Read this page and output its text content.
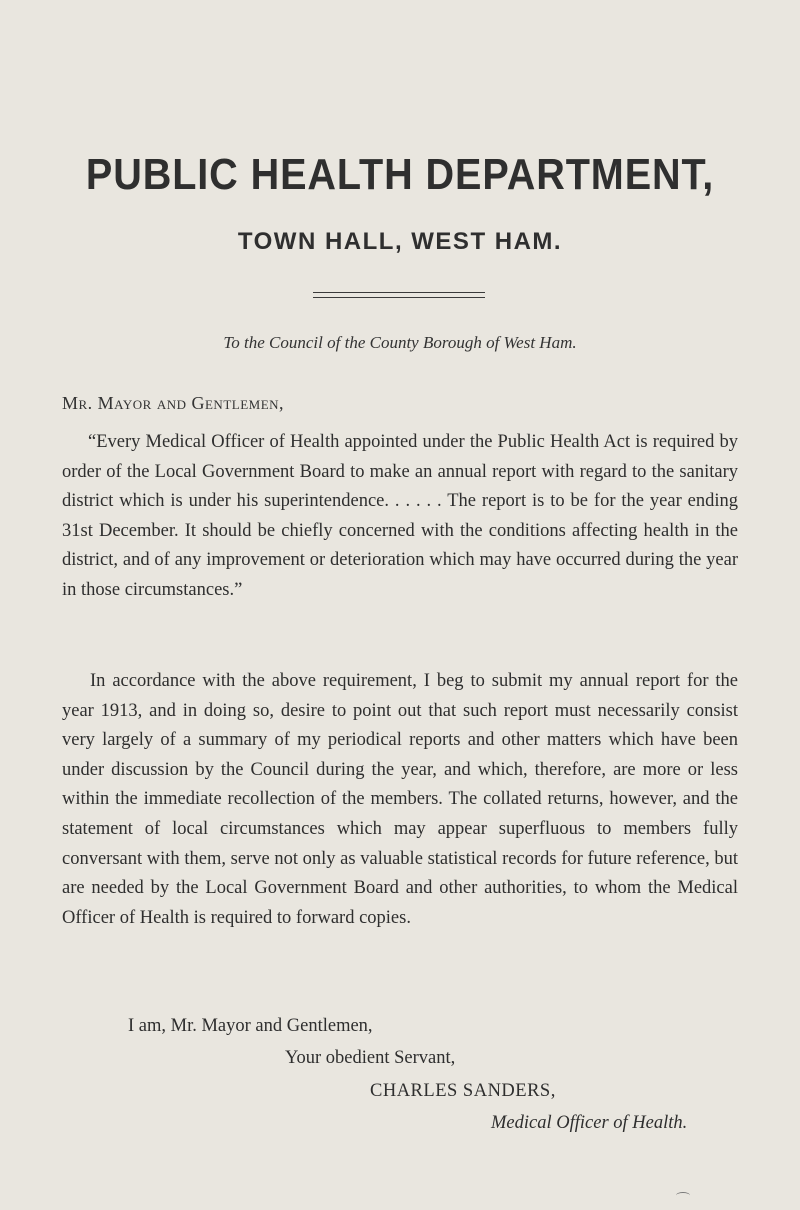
PUBLIC HEALTH DEPARTMENT,
TOWN HALL, WEST HAM.
To the Council of the County Borough of West Ham.
Mr. Mayor and Gentlemen,

“Every Medical Officer of Health appointed under the Public Health Act is required by order of the Local Government Board to make an annual report with regard to the sanitary district which is under his superintendence. . . . . . The report is to be for the year ending 31st December. It should be chiefly concerned with the conditions affecting health in the district, and of any improvement or deterioration which may have occurred during the year in those circumstances.”

In accordance with the above requirement, I beg to submit my annual report for the year 1913, and in doing so, desire to point out that such report must necessarily consist very largely of a summary of my periodical reports and other matters which have been under discussion by the Council during the year, and which, therefore, are more or less within the immediate recollection of the members. The collated returns, however, and the statement of local circumstances which may appear superfluous to members fully conversant with them, serve not only as valuable statistical records for future reference, but are needed by the Local Government Board and other authorities, to whom the Medical Officer of Health is required to forward copies.

I am, Mr. Mayor and Gentlemen,
Your obedient Servant,
CHARLES SANDERS,
Medical Officer of Health.
